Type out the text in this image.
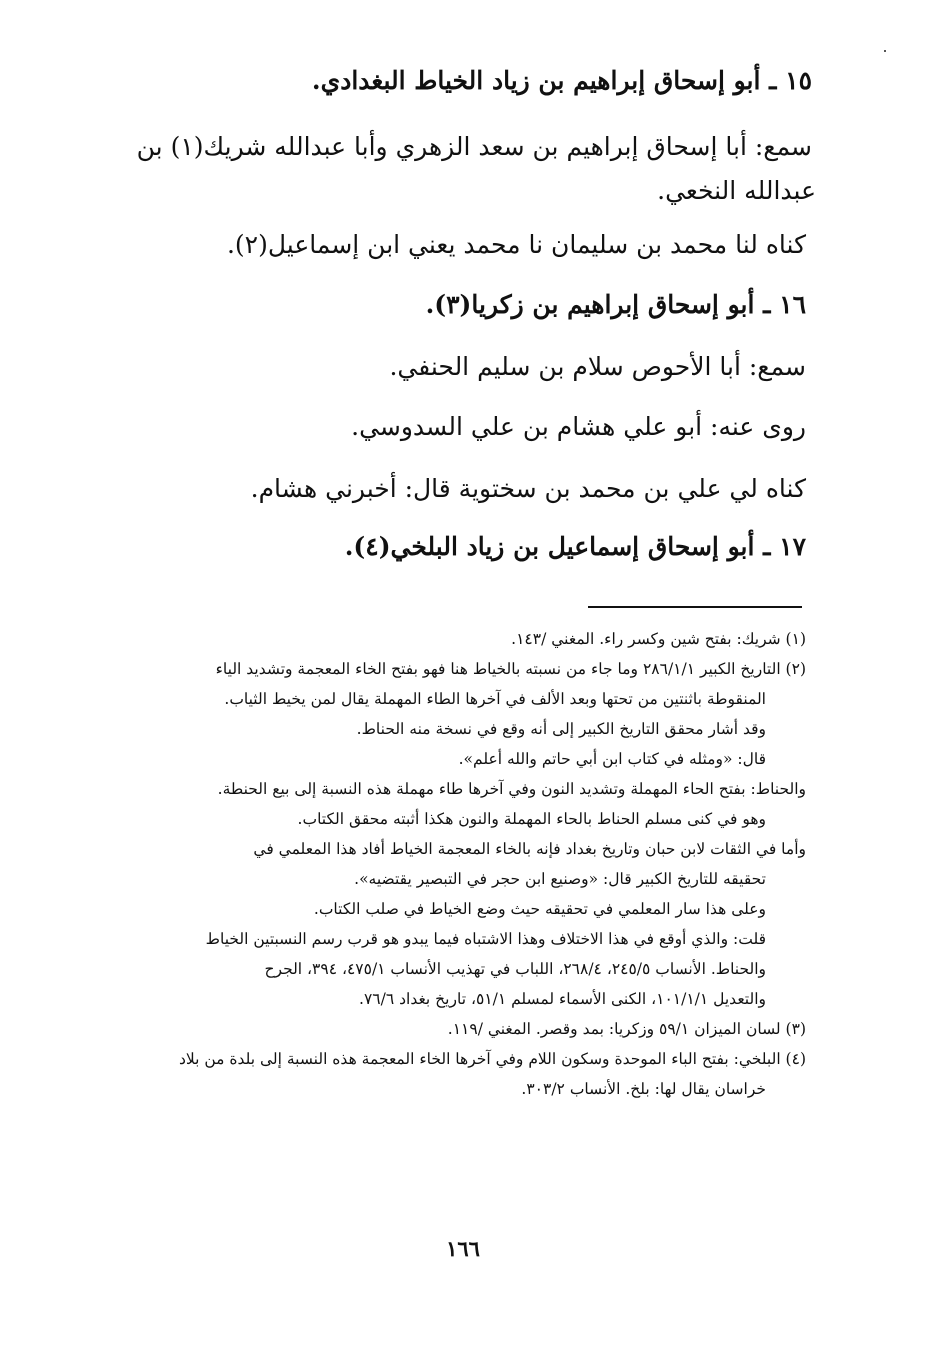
١٥ ـ أبو إسحاق إبراهيم بن زياد الخياط البغدادي.

سمع: أبا إسحاق إبراهيم بن سعد الزهري وأبا عبدالله شريك(١) بن

عبدالله النخعي.

كناه لنا محمد بن سليمان نا محمد يعني ابن إسماعيل(٢).

١٦ ـ أبو إسحاق إبراهيم بن زكريا(٣).

سمع: أبا الأحوص سلام بن سليم الحنفي.

روى عنه: أبو علي هشام بن علي السدوسي.

كناه لي علي بن محمد بن سختوية قال: أخبرني هشام.

١٧ ـ أبو إسحاق إسماعيل بن زياد البلخي(٤).

(١) شريك: بفتح شين وكسر راء. المغني /١٤٣.

(٢) التاريخ الكبير ٢٨٦/١/١ وما جاء من نسبته بالخياط هنا فهو بفتح الخاء المعجمة وتشديد الياء

المنقوطة باثنتين من تحتها وبعد الألف في آخرها الطاء المهملة يقال لمن يخيط الثياب.

وقد أشار محقق التاريخ الكبير إلى أنه وقع في نسخة منه الحناط.

قال: «ومثله في كتاب ابن أبي حاتم والله أعلم».

والحناط: بفتح الحاء المهملة وتشديد النون وفي آخرها طاء مهملة هذه النسبة إلى بيع الحنطة.

وهو في كنى مسلم الحناط بالحاء المهملة والنون هكذا أثبته محقق الكتاب.

وأما في الثقات لابن حبان وتاريخ بغداد فإنه بالخاء المعجمة الخياط أفاد هذا المعلمي في

تحقيقه للتاريخ الكبير قال: «وصنيع ابن حجر في التبصير يقتضيه».

وعلى هذا سار المعلمي في تحقيقه حيث وضع الخياط في صلب الكتاب.

قلت: والذي أوقع في هذا الاختلاف وهذا الاشتباه فيما يبدو هو قرب رسم النسبتين الخياط

والحناط. الأنساب ٢٤٥/٥، ٢٦٨/٤، اللباب في تهذيب الأنساب ٤٧٥/١، ٣٩٤، الجرح

والتعديل ١٠١/١/١، الكنى الأسماء لمسلم ٥١/١، تاريخ بغداد ٧٦/٦.

(٣) لسان الميزان ٥٩/١ وزكريا: بمد وقصر. المغني /١١٩.

(٤) البلخي: بفتح الباء الموحدة وسكون اللام وفي آخرها الخاء المعجمة هذه النسبة إلى بلدة من بلاد

خراسان يقال لها: بلخ. الأنساب ٣٠٣/٢.

١٦٦
